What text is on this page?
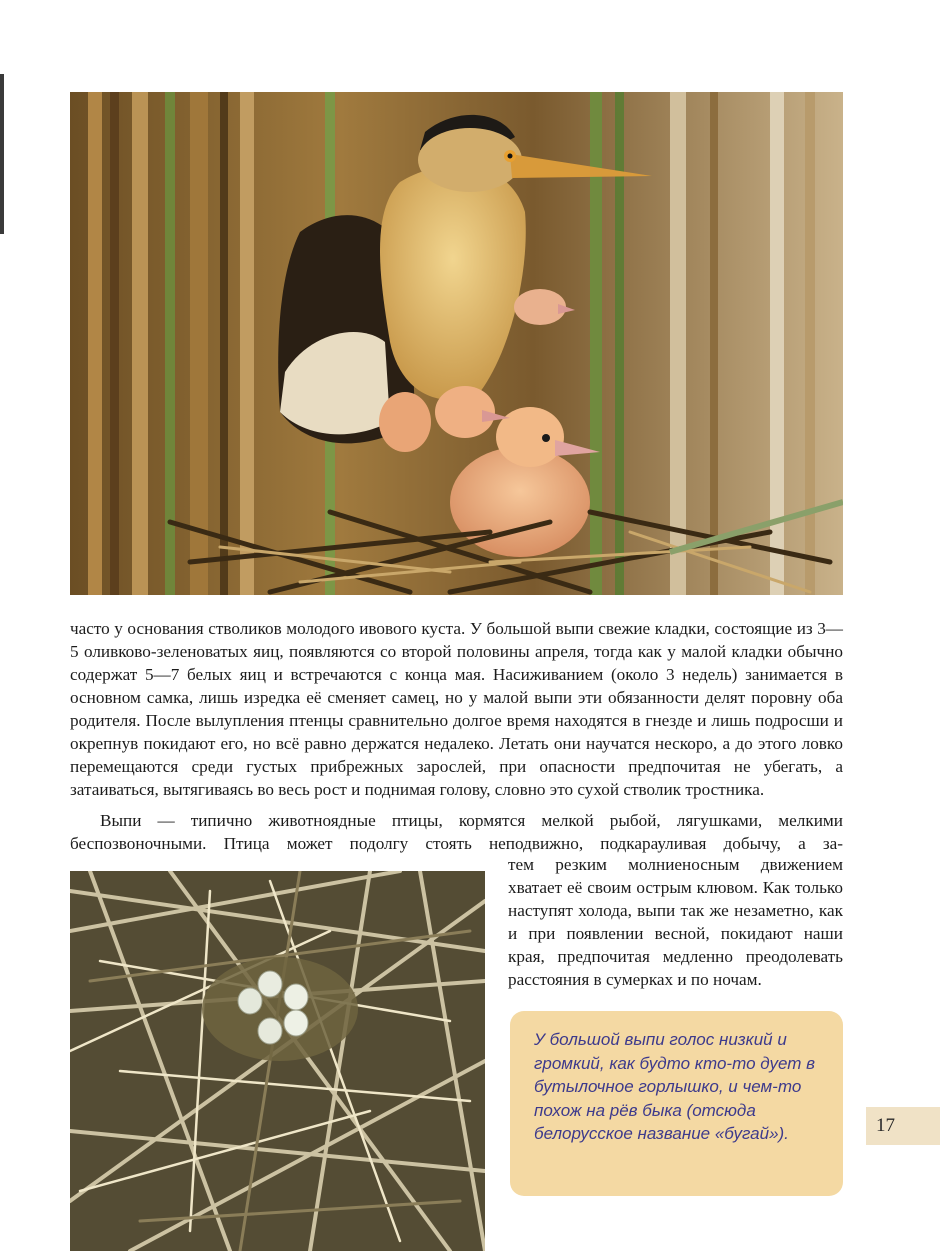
часто у основания стволиков молодого ивового куста. У большой выпи свежие кладки, состоящие из 3—5 оливково-зеленоватых яиц, появляются со второй половины апреля, тогда как у малой кладки обычно содержат 5—7 белых яиц и встречаются с конца мая. Насиживанием (около 3 недель) занимается в основном самка, лишь изредка её сменяет самец, но у малой выпи эти обязанности делят поровну оба родителя. После вылупления птенцы сравнительно долгое время находятся в гнезде и лишь подросши и окрепнув покидают его, но всё равно держатся недалеко. Летать они научатся нескоро, а до этого ловко перемещаются среди густых прибрежных зарослей, при опасности предпочитая не убегать, а затаиваться, вытягиваясь во весь рост и поднимая голову, словно это сухой стволик тростника.

Выпи — типично животноядные птицы, кормятся мелкой рыбой, лягушками, мелкими беспозвоночными. Птица может подолгу стоять неподвижно, подкарауливая добычу, а за-

тем резким молниеносным движением хватает её своим острым клювом. Как только наступят холода, выпи так же незаметно, как и при появлении весной, покидают наши края, предпочитая медленно преодолевать расстояния в сумерках и по ночам.

У большой выпи голос низкий и громкий, как будто кто-то дует в бутылочное горлышко, и чем-то похож на рёв быка (отсюда белорусское название «бугай»).	17
